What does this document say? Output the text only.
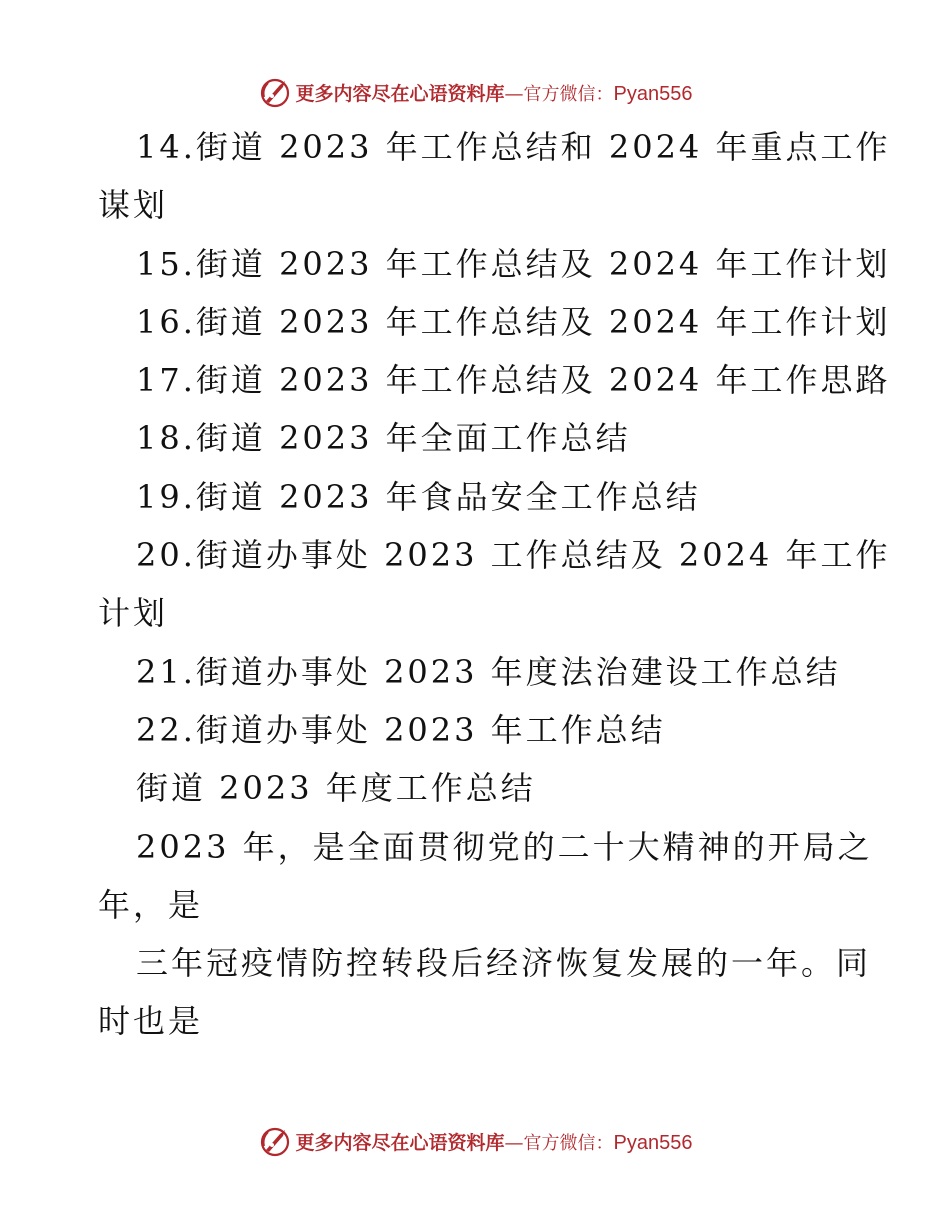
更多内容尽在心语资料库—官方微信：Pyan556
14.街道 2023 年工作总结和 2024 年重点工作
谋划
15.街道 2023 年工作总结及 2024 年工作计划
16.街道 2023 年工作总结及 2024 年工作计划
17.街道 2023 年工作总结及 2024 年工作思路
18.街道 2023 年全面工作总结
19.街道 2023 年食品安全工作总结
20.街道办事处 2023 工作总结及 2024 年工作
计划
21.街道办事处 2023 年度法治建设工作总结
22.街道办事处 2023 年工作总结
街道 2023 年度工作总结
2023 年，是全面贯彻党的二十大精神的开局之
年，是
三年冠疫情防控转段后经济恢复发展的一年。同
时也是
更多内容尽在心语资料库—官方微信：Pyan556
